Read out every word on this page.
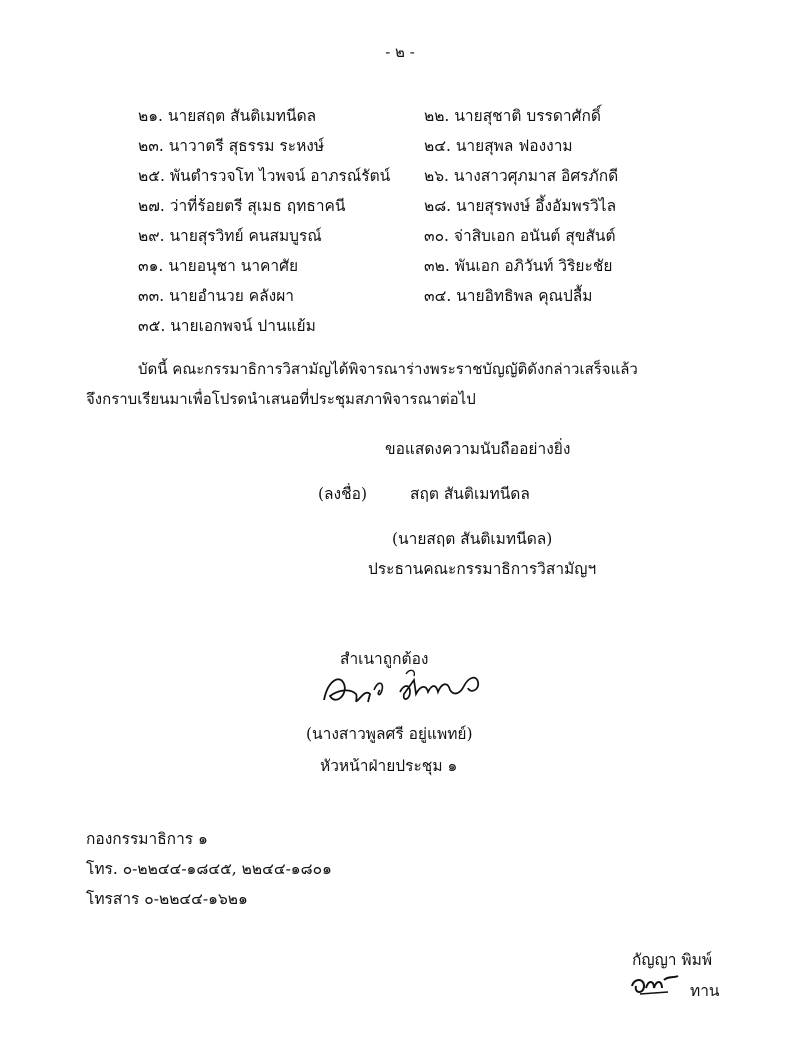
- ๒ -
๒๑. นายสฤต สันติเมทนีดล	๒๒. นายสุชาติ บรรดาศักดิ์
๒๓. นาวาตรี สุธรรม ระหงษ์	๒๔. นายสุพล ฟองงาม
๒๕. พันตำรวจโท ไวพจน์ อาภรณ์รัตน์ ๒๖. นางสาวศุภมาส อิศรภักดี
๒๗. ว่าที่ร้อยตรี สุเมธ ฤทธาคนี	๒๘. นายสุรพงษ์ อึ้งอัมพรวิไล
๒๙. นายสุรวิทย์ คนสมบูรณ์	๓๐. จ่าสิบเอก อนันต์ สุขสันต์
๓๑. นายอนุชา นาคาศัย	๓๒. พันเอก อภิวันท์ วิริยะชัย
๓๓. นายอำนวย คลังผา	๓๔. นายอิทธิพล คุณปลื้ม
๓๕. นายเอกพจน์ ปานแย้ม
บัดนี้ คณะกรรมาธิการวิสามัญได้พิจารณาร่างพระราชบัญญัติดังกล่าวเสร็จแล้ว
จึงกราบเรียนมาเพื่อโปรดนำเสนอที่ประชุมสภาพิจารณาต่อไป
ขอแสดงความนับถืออย่างยิ่ง
(ลงชื่อ)	สฤต สันติเมทนีดล
(นายสฤต สันติเมทนีดล)
ประธานคณะกรรมาธิการวิสามัญฯ
สำเนาถูกต้อง
(นางสาวพูลศรี อยู่แพทย์)
หัวหน้าฝ่ายประชุม ๑
กองกรรมาธิการ ๑
โทร. ๐-๒๒๔๔-๑๘๔๕, ๒๒๔๔-๑๘๐๑
โทรสาร ๐-๒๒๔๔-๑๖๒๑
กัญญา พิมพ์
ทาน
